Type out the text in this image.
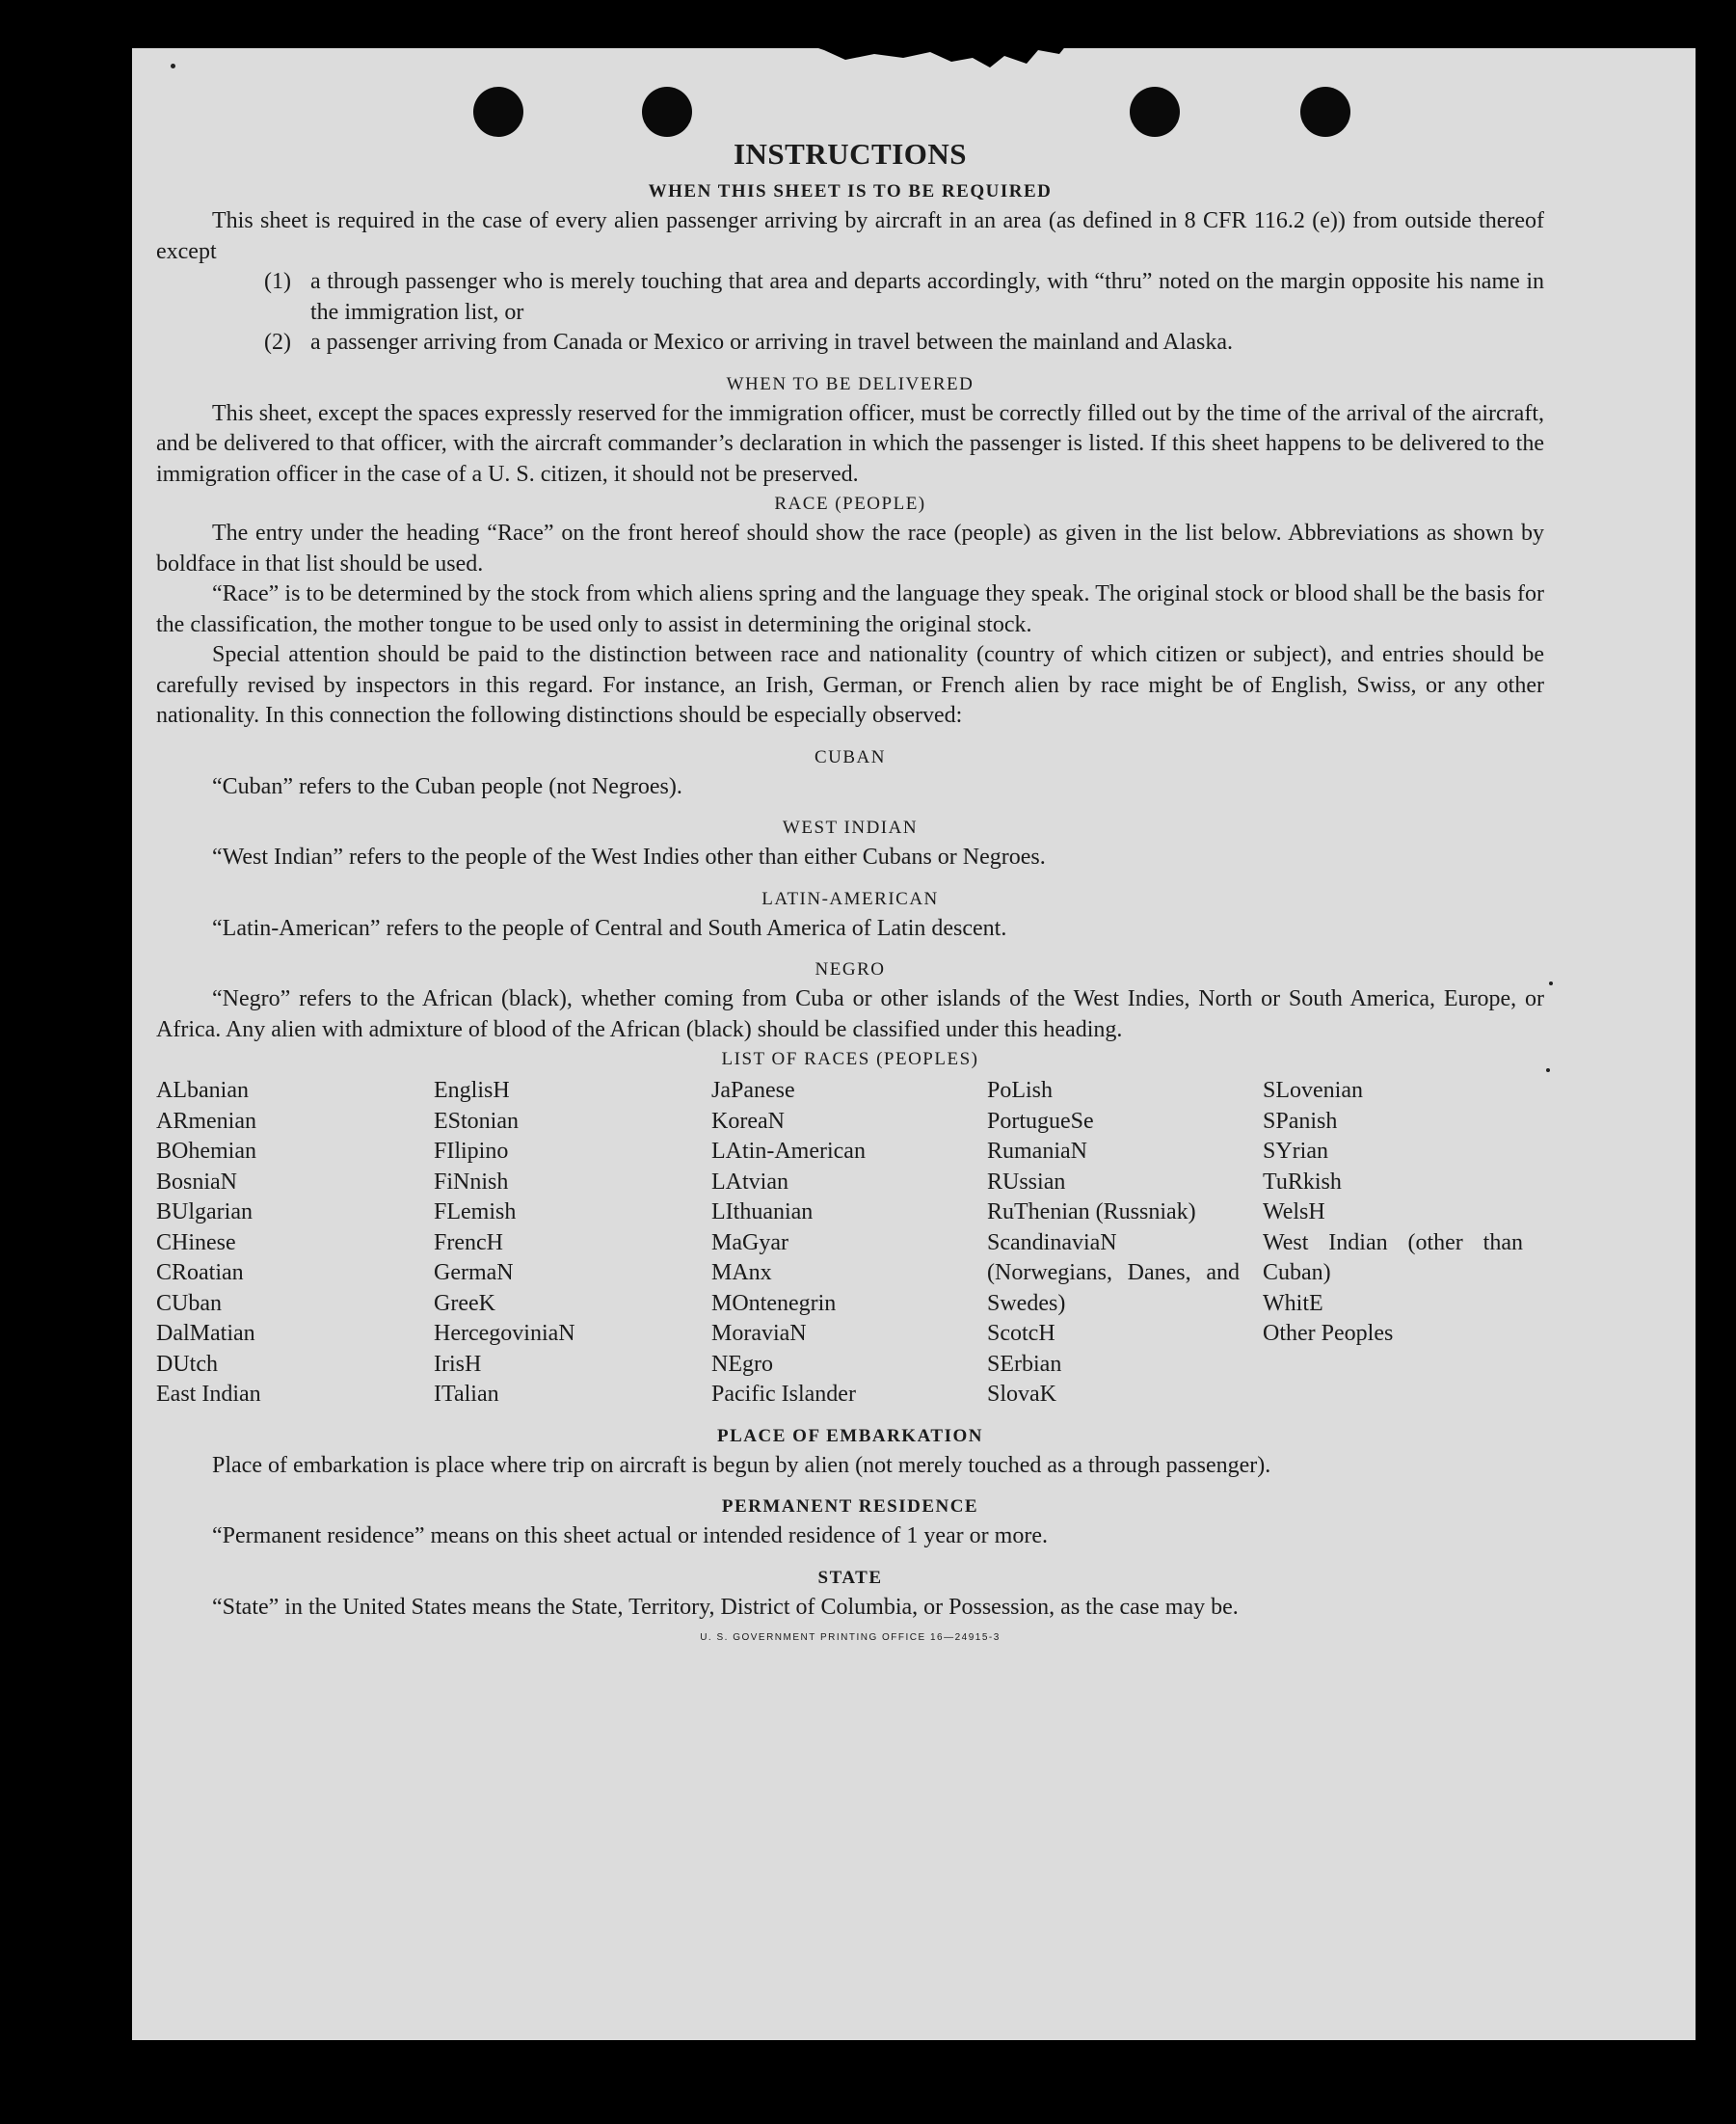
INSTRUCTIONS
WHEN THIS SHEET IS TO BE REQUIRED

This sheet is required in the case of every alien passenger arriving by aircraft in an area (as defined in 8 CFR 116.2 (e)) from outside thereof except

(1) a through passenger who is merely touching that area and departs accordingly, with “thru” noted on the margin opposite his name in the immigration list, or
(2) a passenger arriving from Canada or Mexico or arriving in travel between the mainland and Alaska.
WHEN TO BE DELIVERED

This sheet, except the spaces expressly reserved for the immigration officer, must be correctly filled out by the time of the arrival of the aircraft, and be delivered to that officer, with the aircraft commander’s declaration in which the passenger is listed. If this sheet happens to be delivered to the immigration officer in the case of a U. S. citizen, it should not be preserved.

RACE (PEOPLE)

The entry under the heading “Race” on the front hereof should show the race (people) as given in the list below. Abbreviations as shown by boldface in that list should be used.

“Race” is to be determined by the stock from which aliens spring and the language they speak. The original stock or blood shall be the basis for the classification, the mother tongue to be used only to assist in determining the original stock.

Special attention should be paid to the distinction between race and nationality (country of which citizen or subject), and entries should be carefully revised by inspectors in this regard. For instance, an Irish, German, or French alien by race might be of English, Swiss, or any other nationality. In this connection the following distinctions should be especially observed:

CUBAN

“Cuban” refers to the Cuban people (not Negroes).

WEST INDIAN

“West Indian” refers to the people of the West Indies other than either Cubans or Negroes.

LATIN-AMERICAN

“Latin-American” refers to the people of Central and South America of Latin descent.

NEGRO

“Negro” refers to the African (black), whether coming from Cuba or other islands of the West Indies, North or South America, Europe, or Africa. Any alien with admixture of blood of the African (black) should be classified under this heading.

LIST OF RACES (PEOPLES)
ALbanian
ARmenian
BOhemian
BosniaN
BUlgarian
CHinese
CRoatian
CUban
DalMatian
DUtch
East Indian
EnglisH
EStonian
FIlipino
FiNnish
FLemish
FrencH
GermaN
GreeK
HercegoviniaN
IrisH
ITalian
JaPanese
KoreaN
LAtin-American
LAtvian
LIthuanian
MaGyar
MAnx
MOntenegrin
MoraviaN
NEgro
Pacific Islander
PoLish
PortugueSe
RumaniaN
RUssian
RuThenian (Russniak)
ScandinaviaN (Norwegians, Danes, and Swedes)
ScotcH
SErbian
SlovaK
SLovenian
SPanish
SYrian
TuRkish
WelsH
West Indian (other than Cuban)
WhitE
Other Peoples
PLACE OF EMBARKATION

Place of embarkation is place where trip on aircraft is begun by alien (not merely touched as a through passenger).

PERMANENT RESIDENCE

“Permanent residence” means on this sheet actual or intended residence of 1 year or more.

STATE

“State” in the United States means the State, Territory, District of Columbia, or Possession, as the case may be.

U. S. GOVERNMENT PRINTING OFFICE 16—24915-3
